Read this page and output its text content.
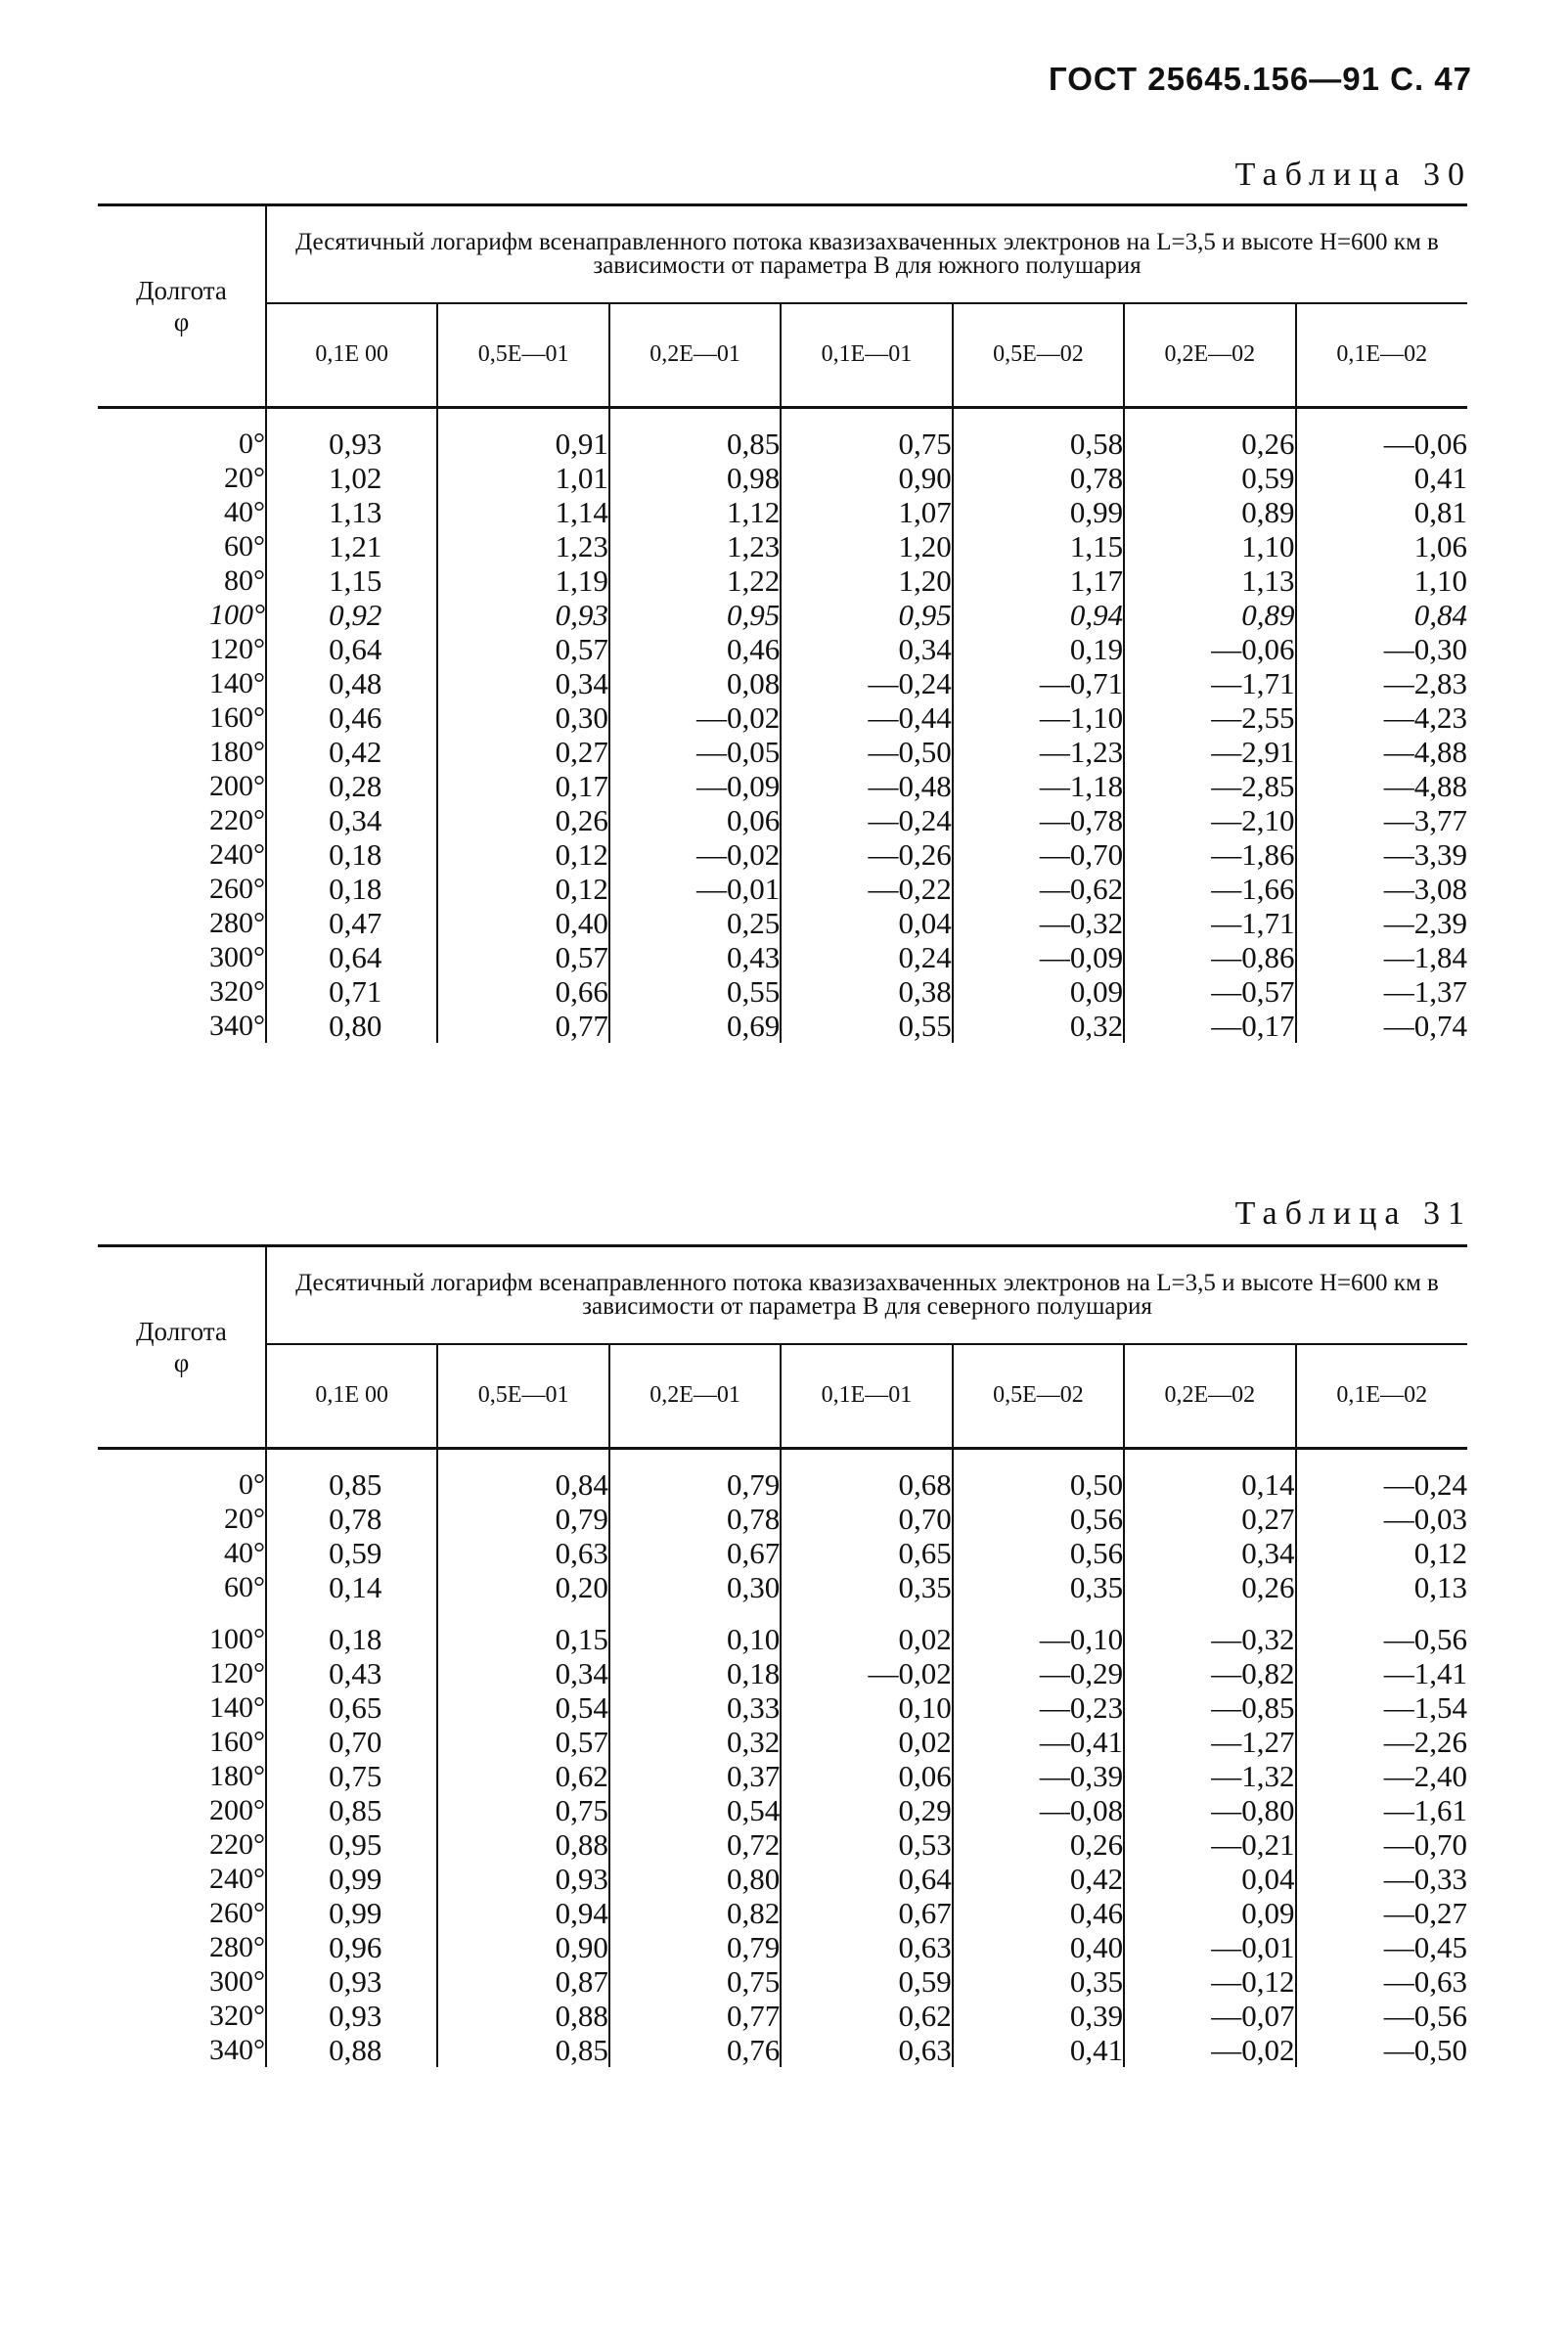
ГОСТ 25645.156—91 С. 47
Таблица 30
Долгота
φ	Десятичный логарифм всенаправленного потока квазизахваченных электронов на L=3,5 и высоте H=600 км в зависимости от параметра B для южного полушария						
	0,1E 00	0,5E—01	0,2E—01	0,1E—01	0,5E—02	0,2E—02	0,1E—02

0°	0,93	0,91	0,85	0,75	0,58	0,26	—0,06
20°	1,02	1,01	0,98	0,90	0,78	0,59	0,41
40°	1,13	1,14	1,12	1,07	0,99	0,89	0,81
60°	1,21	1,23	1,23	1,20	1,15	1,10	1,06
80°	1,15	1,19	1,22	1,20	1,17	1,13	1,10
100°	0,92	0,93	0,95	0,95	0,94	0,89	0,84
120°	0,64	0,57	0,46	0,34	0,19	—0,06	—0,30
140°	0,48	0,34	0,08	—0,24	—0,71	—1,71	—2,83
160°	0,46	0,30	—0,02	—0,44	—1,10	—2,55	—4,23
180°	0,42	0,27	—0,05	—0,50	—1,23	—2,91	—4,88
200°	0,28	0,17	—0,09	—0,48	—1,18	—2,85	—4,88
220°	0,34	0,26	0,06	—0,24	—0,78	—2,10	—3,77
240°	0,18	0,12	—0,02	—0,26	—0,70	—1,86	—3,39
260°	0,18	0,12	—0,01	—0,22	—0,62	—1,66	—3,08
280°	0,47	0,40	0,25	0,04	—0,32	—1,71	—2,39
300°	0,64	0,57	0,43	0,24	—0,09	—0,86	—1,84
320°	0,71	0,66	0,55	0,38	0,09	—0,57	—1,37
340°	0,80	0,77	0,69	0,55	0,32	—0,17	—0,74
Таблица 31
Долгота
φ	Десятичный логарифм всенаправленного потока квазизахваченных электронов на L=3,5 и высоте H=600 км в зависимости от параметра B для северного полушария						
	0,1E 00	0,5E—01	0,2E—01	0,1E—01	0,5E—02	0,2E—02	0,1E—02

0°	0,85	0,84	0,79	0,68	0,50	0,14	—0,24
20°	0,78	0,79	0,78	0,70	0,56	0,27	—0,03
40°	0,59	0,63	0,67	0,65	0,56	0,34	0,12
60°	0,14	0,20	0,30	0,35	0,35	0,26	0,13
100°	0,18	0,15	0,10	0,02	—0,10	—0,32	—0,56
120°	0,43	0,34	0,18	—0,02	—0,29	—0,82	—1,41
140°	0,65	0,54	0,33	0,10	—0,23	—0,85	—1,54
160°	0,70	0,57	0,32	0,02	—0,41	—1,27	—2,26
180°	0,75	0,62	0,37	0,06	—0,39	—1,32	—2,40
200°	0,85	0,75	0,54	0,29	—0,08	—0,80	—1,61
220°	0,95	0,88	0,72	0,53	0,26	—0,21	—0,70
240°	0,99	0,93	0,80	0,64	0,42	0,04	—0,33
260°	0,99	0,94	0,82	0,67	0,46	0,09	—0,27
280°	0,96	0,90	0,79	0,63	0,40	—0,01	—0,45
300°	0,93	0,87	0,75	0,59	0,35	—0,12	—0,63
320°	0,93	0,88	0,77	0,62	0,39	—0,07	—0,56
340°	0,88	0,85	0,76	0,63	0,41	—0,02	—0,50
